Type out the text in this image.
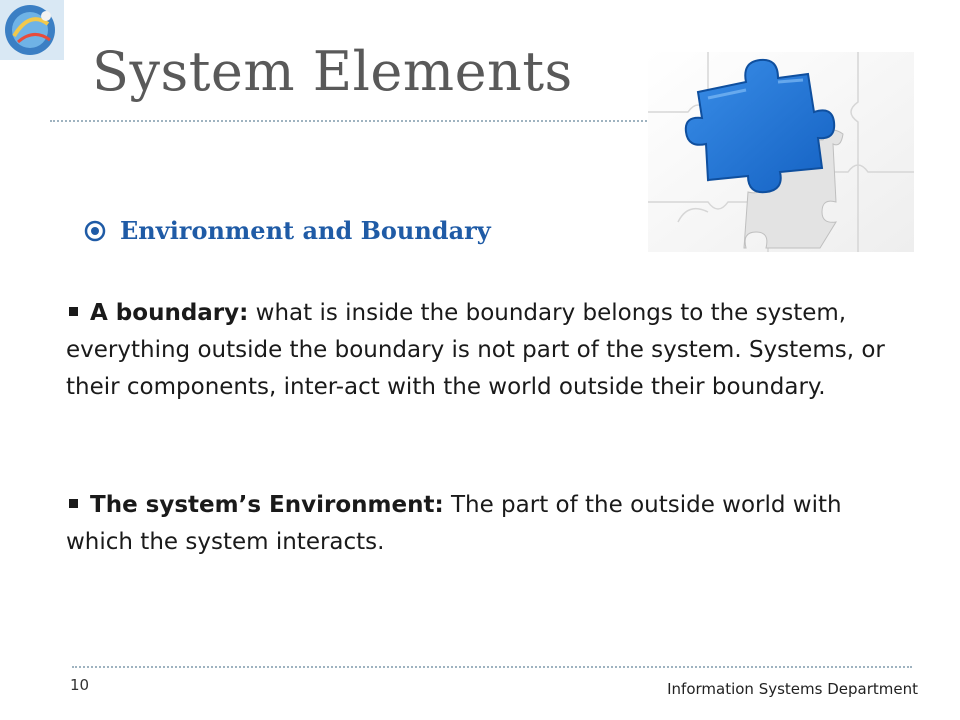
System Elements
Environment and Boundary

A boundary: what is inside the boundary belongs to the system, everything outside the boundary is not part of the system. Systems, or their components, inter-act with the world outside their boundary.

The system’s Environment: The part of the outside world with which the system interacts.

10	Information Systems Department
